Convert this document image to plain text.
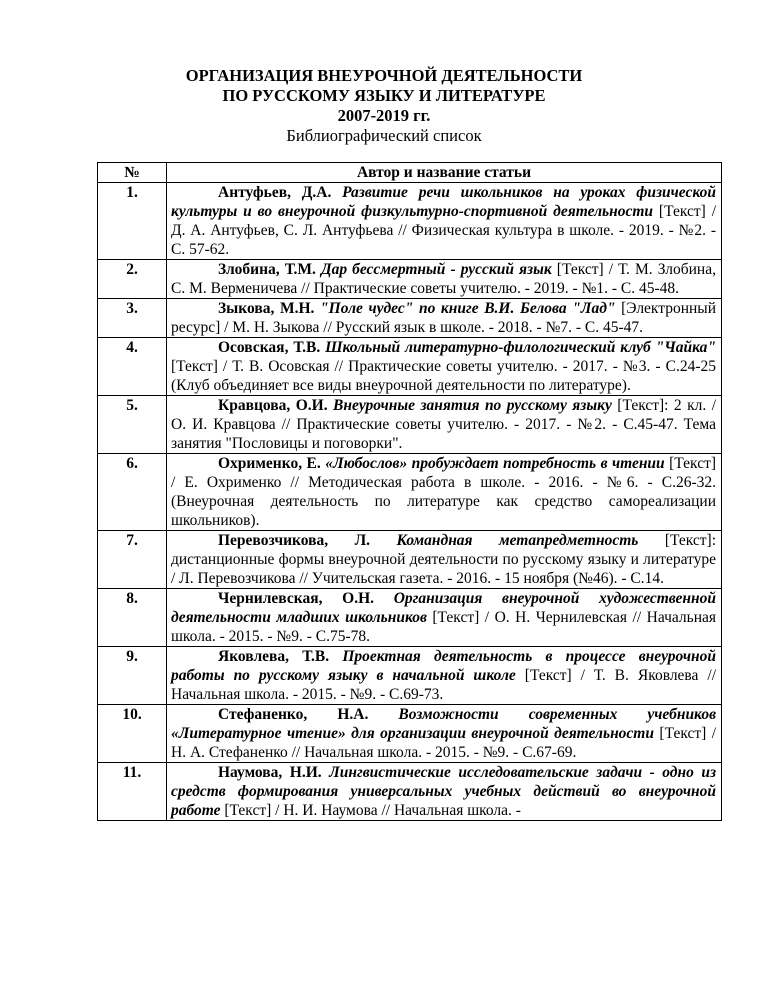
ОРГАНИЗАЦИЯ ВНЕУРОЧНОЙ ДЕЯТЕЛЬНОСТИ
ПО РУССКОМУ ЯЗЫКУ И ЛИТЕРАТУРЕ
2007-2019 гг.
Библиографический список
№	Автор и название статьи
1.	Антуфьев, Д.А. Развитие речи школьников на уроках физической культуры и во внеурочной физкультурно-спортивной деятельности [Текст] / Д. А. Антуфьев, С. Л. Антуфьева // Физическая культура в школе. - 2019. - №2. - С. 57-62.
2.	Злобина, Т.М. Дар бессмертный - русский язык [Текст] / Т. М. Злобина, С. М. Верменичева // Практические советы учителю. - 2019. - №1. - С. 45-48.
3.	Зыкова, М.Н. "Поле чудес" по книге В.И. Белова "Лад" [Электронный ресурс] / М. Н. Зыкова // Русский язык в школе. - 2018. - №7. - С. 45-47.
4.	Осовская, Т.В. Школьный литературно-филологический клуб "Чайка" [Текст] / Т. В. Осовская // Практические советы учителю. - 2017. - №3. - С.24-25 (Клуб объединяет все виды внеурочной деятельности по литературе).
5.	Кравцова, О.И. Внеурочные занятия по русскому языку [Текст]: 2 кл. / О. И. Кравцова // Практические советы учителю. - 2017. - №2. - С.45-47. Тема занятия "Пословицы и поговорки".
6.	Охрименко, Е. «Любослов» пробуждает потребность в чтении [Текст] / Е. Охрименко // Методическая работа в школе. - 2016. - №6. - С.26-32. (Внеурочная деятельность по литературе как средство самореализации школьников).
7.	Перевозчикова, Л. Командная метапредметность [Текст]: дистанционные формы внеурочной деятельности по русскому языку и литературе / Л. Перевозчикова // Учительская газета. - 2016. - 15 ноября (№46). - С.14.
8.	Чернилевская, О.Н. Организация внеурочной художественной деятельности младших школьников [Текст] / О. Н. Чернилевская // Начальная школа. - 2015. - №9. - С.75-78.
9.	Яковлева, Т.В. Проектная деятельность в процессе внеурочной работы по русскому языку в начальной школе [Текст] / Т. В. Яковлева // Начальная школа. - 2015. - №9. - С.69-73.
10.	Стефаненко, Н.А. Возможности современных учебников «Литературное чтение» для организации внеурочной деятельности [Текст] / Н. А. Стефаненко // Начальная школа. - 2015. - №9. - С.67-69.
11.	Наумова, Н.И. Лингвистические исследовательские задачи - одно из средств формирования универсальных учебных действий во внеурочной работе [Текст] / Н. И. Наумова // Начальная школа. -
